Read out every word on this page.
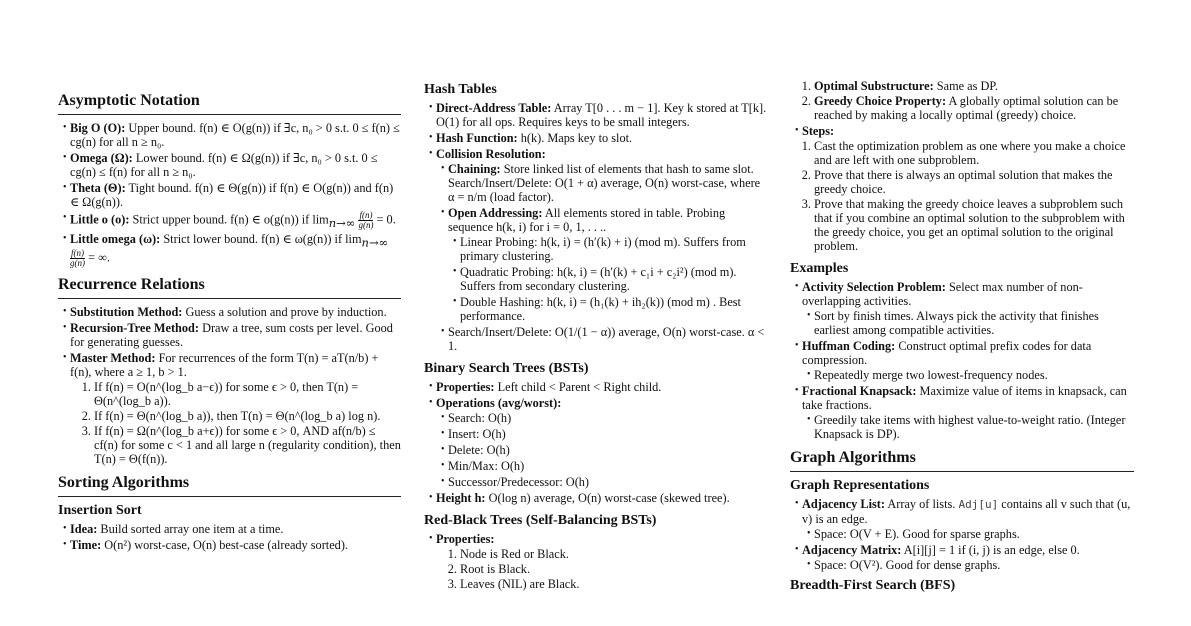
Asymptotic Notation
• Big O (O): Upper bound. f(n) ∈ O(g(n)) if ∃c, n₀ > 0 s.t. 0 ≤ f(n) ≤ cg(n) for all n ≥ n₀.
• Omega (Ω): Lower bound. f(n) ∈ Ω(g(n)) if ∃c, n₀ > 0 s.t. 0 ≤ cg(n) ≤ f(n) for all n ≥ n₀.
• Theta (Θ): Tight bound. f(n) ∈ Θ(g(n)) if f(n) ∈ O(g(n)) and f(n) ∈ Ω(g(n)).
• Little o (o): Strict upper bound. f(n) ∈ o(g(n)) if $\lim_{n\to\infty} \frac{f(n)}{g(n)} = 0$.
• Little omega (ω): Strict lower bound. f(n) ∈ ω(g(n)) if $\lim_{n\to\infty}$
$\frac{f(n)}{g(n)}$ = ∞.
Recurrence Relations
• Substitution Method: Guess a solution and prove by induction.
• Recursion-Tree Method: Draw a tree, sum costs per level. Good for generating guesses.
• Master Method: For recurrences of the form T(n) = aT(n/b) + f(n), where a ≥ 1, b > 1.
1. If f(n) = O(n^(log_b a−ϵ)) for some ϵ > 0, then T(n) = Θ(n^(log_b a)).
2. If f(n) = Θ(n^(log_b a)), then T(n) = Θ(n^(log_b a) log n).
3. If f(n) = Ω(n^(log_b a+ϵ)) for some ϵ > 0, AND af(n/b) ≤ cf(n) for some c < 1 and all large n (regularity condition), then T(n) = Θ(f(n)).
Sorting Algorithms
Insertion Sort
• Idea: Build sorted array one item at a time.
• Time: O(n²) worst-case, O(n) best-case (already sorted).
Hash Tables
• Direct-Address Table: Array T[0 . . . m − 1]. Key k stored at T[k]. O(1) for all ops. Requires keys to be small integers.
• Hash Function: h(k). Maps key to slot.
• Collision Resolution:
• Chaining: Store linked list of elements that hash to same slot. Search/Insert/Delete: O(1 + α) average, O(n) worst-case, where α = n/m (load factor).
• Open Addressing: All elements stored in table. Probing sequence h(k, i) for i = 0, 1, . . ..
• Linear Probing: h(k, i) = (h′(k) + i) (mod m). Suffers from primary clustering.
• Quadratic Probing: h(k, i) = (h′(k) + c₁i + c₂i²) (mod m). Suffers from secondary clustering.
• Double Hashing: h(k, i) = (h₁(k) + ih₂(k)) (mod m) . Best performance.
• Search/Insert/Delete: O(1/(1 − α)) average, O(n) worst-case. α < 1.
Binary Search Trees (BSTs)
• Properties: Left child < Parent < Right child.
• Operations (avg/worst):
• Search: O(h)
• Insert: O(h)
• Delete: O(h)
• Min/Max: O(h)
• Successor/Predecessor: O(h)
• Height h: O(log n) average, O(n) worst-case (skewed tree).
Red-Black Trees (Self-Balancing BSTs)
• Properties:
1. Node is Red or Black.
2. Root is Black.
3. Leaves (NIL) are Black.
1. Optimal Substructure: Same as DP.
2. Greedy Choice Property: A globally optimal solution can be reached by making a locally optimal (greedy) choice.
• Steps:
1. Cast the optimization problem as one where you make a choice and are left with one subproblem.
2. Prove that there is always an optimal solution that makes the greedy choice.
3. Prove that making the greedy choice leaves a subproblem such that if you combine an optimal solution to the subproblem with the greedy choice, you get an optimal solution to the original problem.
Examples
• Activity Selection Problem: Select max number of non-overlapping activities.
• Sort by finish times. Always pick the activity that finishes earliest among compatible activities.
• Huffman Coding: Construct optimal prefix codes for data compression.
• Repeatedly merge two lowest-frequency nodes.
• Fractional Knapsack: Maximize value of items in knapsack, can take fractions.
• Greedily take items with highest value-to-weight ratio. (Integer Knapsack is DP).
Graph Algorithms
Graph Representations
• Adjacency List: Array of lists. Adj[u] contains all v such that (u, v) is an edge.
• Space: O(V + E). Good for sparse graphs.
• Adjacency Matrix: A[i][j] = 1 if (i, j) is an edge, else 0.
• Space: O(V²). Good for dense graphs.
Breadth-First Search (BFS)
